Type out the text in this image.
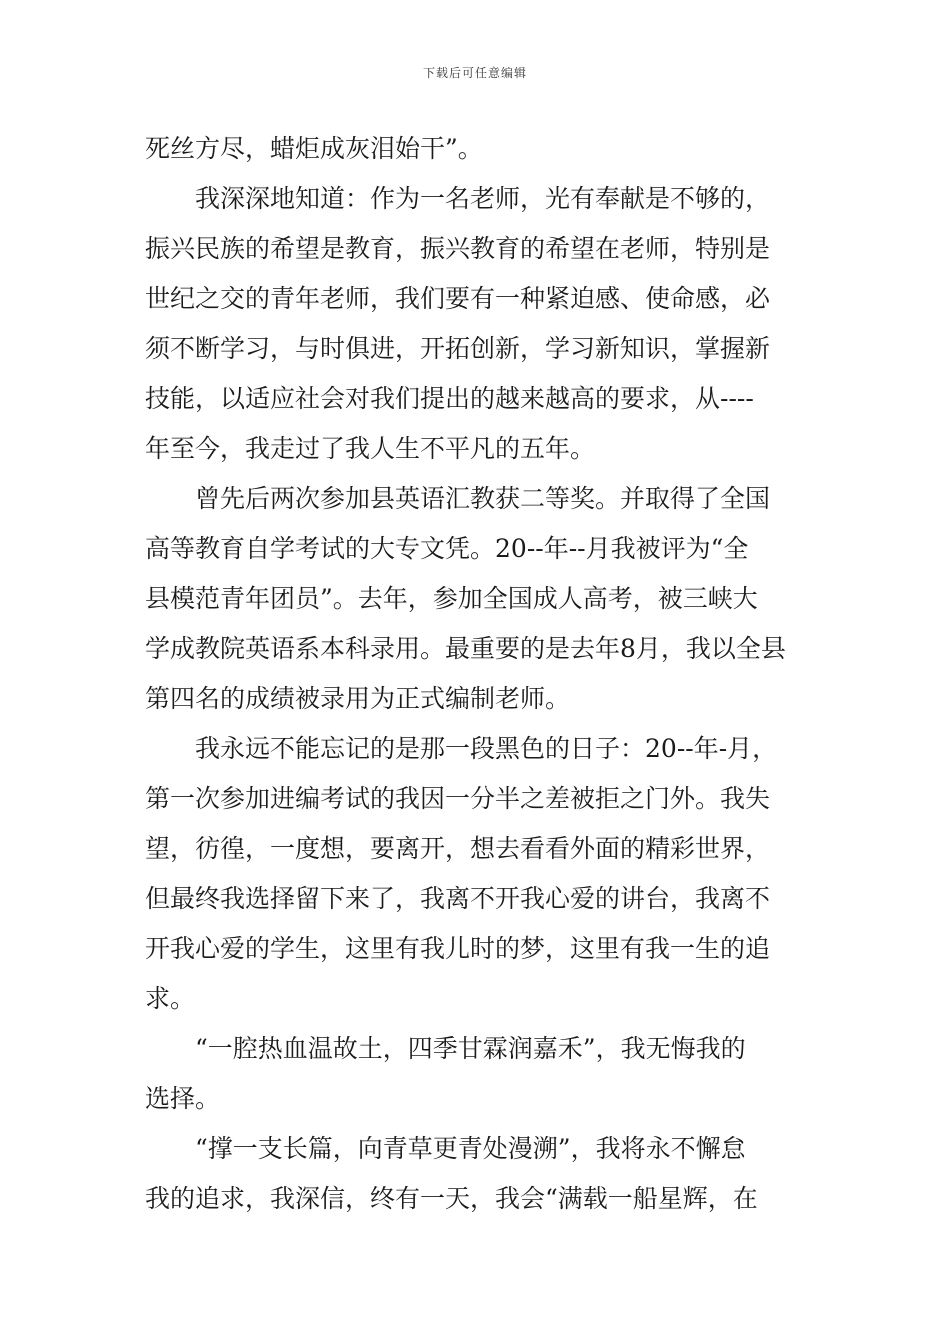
下载后可任意编辑
死丝方尽，蜡炬成灰泪始干”。
我深深地知道：作为一名老师，光有奉献是不够的，
振兴民族的希望是教育，振兴教育的希望在老师，特别是
世纪之交的青年老师，我们要有一种紧迫感、使命感，必
须不断学习，与时俱进，开拓创新，学习新知识，掌握新
技能，以适应社会对我们提出的越来越高的要求，从----
年至今，我走过了我人生不平凡的五年。
曾先后两次参加县英语汇教获二等奖。并取得了全国
高等教育自学考试的大专文凭。20--年--月我被评为“全
县模范青年团员”。去年，参加全国成人高考，被三峡大
学成教院英语系本科录用。最重要的是去年8月，我以全县
第四名的成绩被录用为正式编制老师。
我永远不能忘记的是那一段黑色的日子：20--年-月，
第一次参加进编考试的我因一分半之差被拒之门外。我失
望，彷徨，一度想，要离开，想去看看外面的精彩世界，
但最终我选择留下来了，我离不开我心爱的讲台，我离不
开我心爱的学生，这里有我儿时的梦，这里有我一生的追
求。
“一腔热血温故土，四季甘霖润嘉禾”，我无悔我的
选择。
“撑一支长篇，向青草更青处漫溯”，我将永不懈怠
我的追求，我深信，终有一天，我会“满载一船星辉，在
